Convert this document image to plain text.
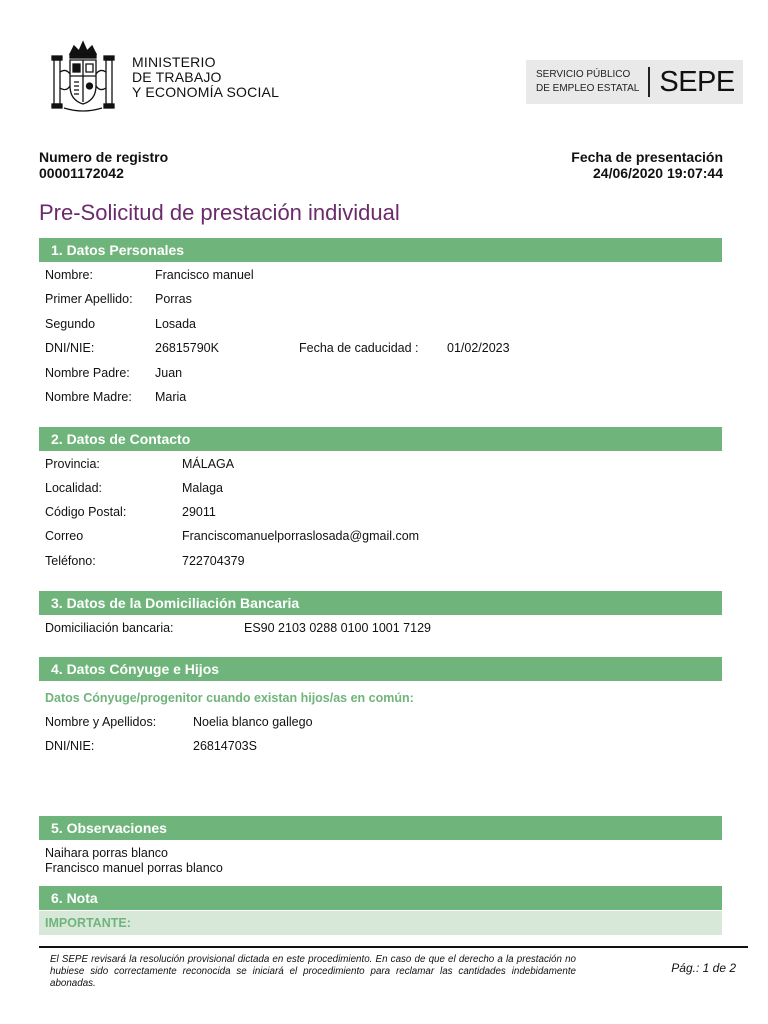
MINISTERIO
DE TRABAJO
Y ECONOMÍA SOCIAL
SERVICIO PÚBLICO
DE EMPLEO ESTATAL SEPE
Numero de registro
00001172042
Fecha de presentación
24/06/2020 19:07:44
Pre-Solicitud de prestación individual
1. Datos Personales
Nombre:	Francisco manuel
Primer Apellido: Porras
Segundo	Losada
DNI/NIE:	26815790K	Fecha de caducidad : 01/02/2023
Nombre Padre: Juan
Nombre Madre: Maria
2. Datos de Contacto
Provincia:	MÁLAGA
Localidad:	Malaga
Código Postal:	29011
Correo	Franciscomanuelporraslosada@gmail.com
Teléfono:	722704379
3. Datos de la Domiciliación Bancaria
Domiciliación bancaria:	ES90 2103 0288 0100 1001 7129
4. Datos Cónyuge e Hijos
Datos Cónyuge/progenitor cuando existan hijos/as en común:
Nombre y Apellidos:	Noelia blanco gallego
DNI/NIE:	26814703S
5. Observaciones
Naihara porras blanco
Francisco manuel porras blanco
6. Nota
IMPORTANTE:
El SEPE revisará la resolución provisional dictada en este procedimiento. En caso de que el derecho a la prestación no hubiese sido correctamente reconocida se iniciará el procedimiento para reclamar las cantidades indebidamente abonadas.
Pág.: 1 de 2
